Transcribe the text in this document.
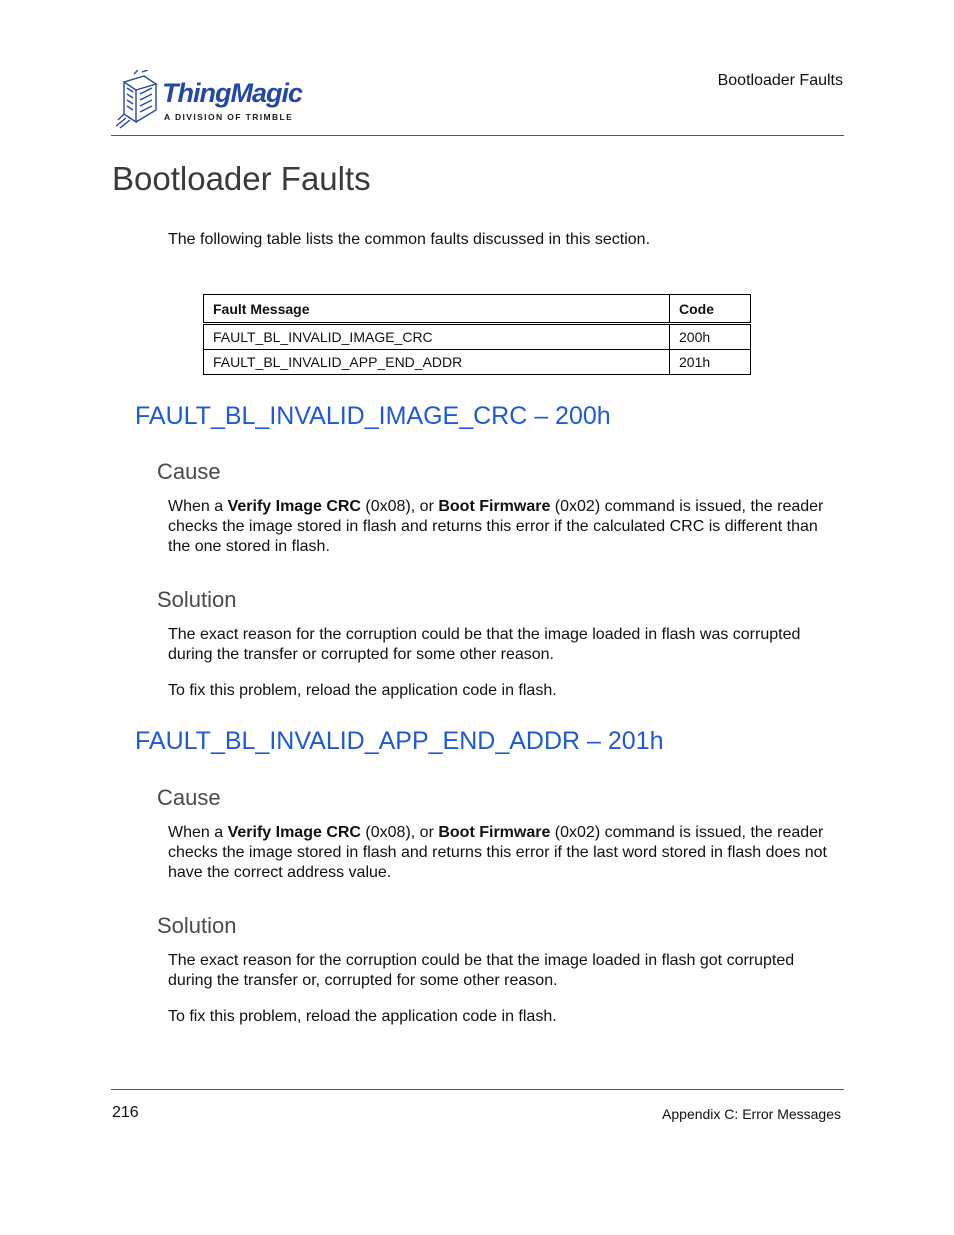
ThingMagic
A DIVISION OF TRIMBLE
Bootloader Faults
Bootloader Faults

The following table lists the common faults discussed in this section.

Fault Message	Code
FAULT_BL_INVALID_IMAGE_CRC	200h
FAULT_BL_INVALID_APP_END_ADDR	201h
FAULT_BL_INVALID_IMAGE_CRC – 200h
Cause

When a Verify Image CRC (0x08), or Boot Firmware (0x02) command is issued, the reader checks the image stored in flash and returns this error if the calculated CRC is different than the one stored in flash.

Solution

The exact reason for the corruption could be that the image loaded in flash was corrupted during the transfer or corrupted for some other reason.

To fix this problem, reload the application code in flash.

FAULT_BL_INVALID_APP_END_ADDR – 201h
Cause

When a Verify Image CRC (0x08), or Boot Firmware (0x02) command is issued, the reader checks the image stored in flash and returns this error if the last word stored in flash does not have the correct address value.

Solution

The exact reason for the corruption could be that the image loaded in flash got corrupted during the transfer or, corrupted for some other reason.

To fix this problem, reload the application code in flash.

216	Appendix C: Error Messages
